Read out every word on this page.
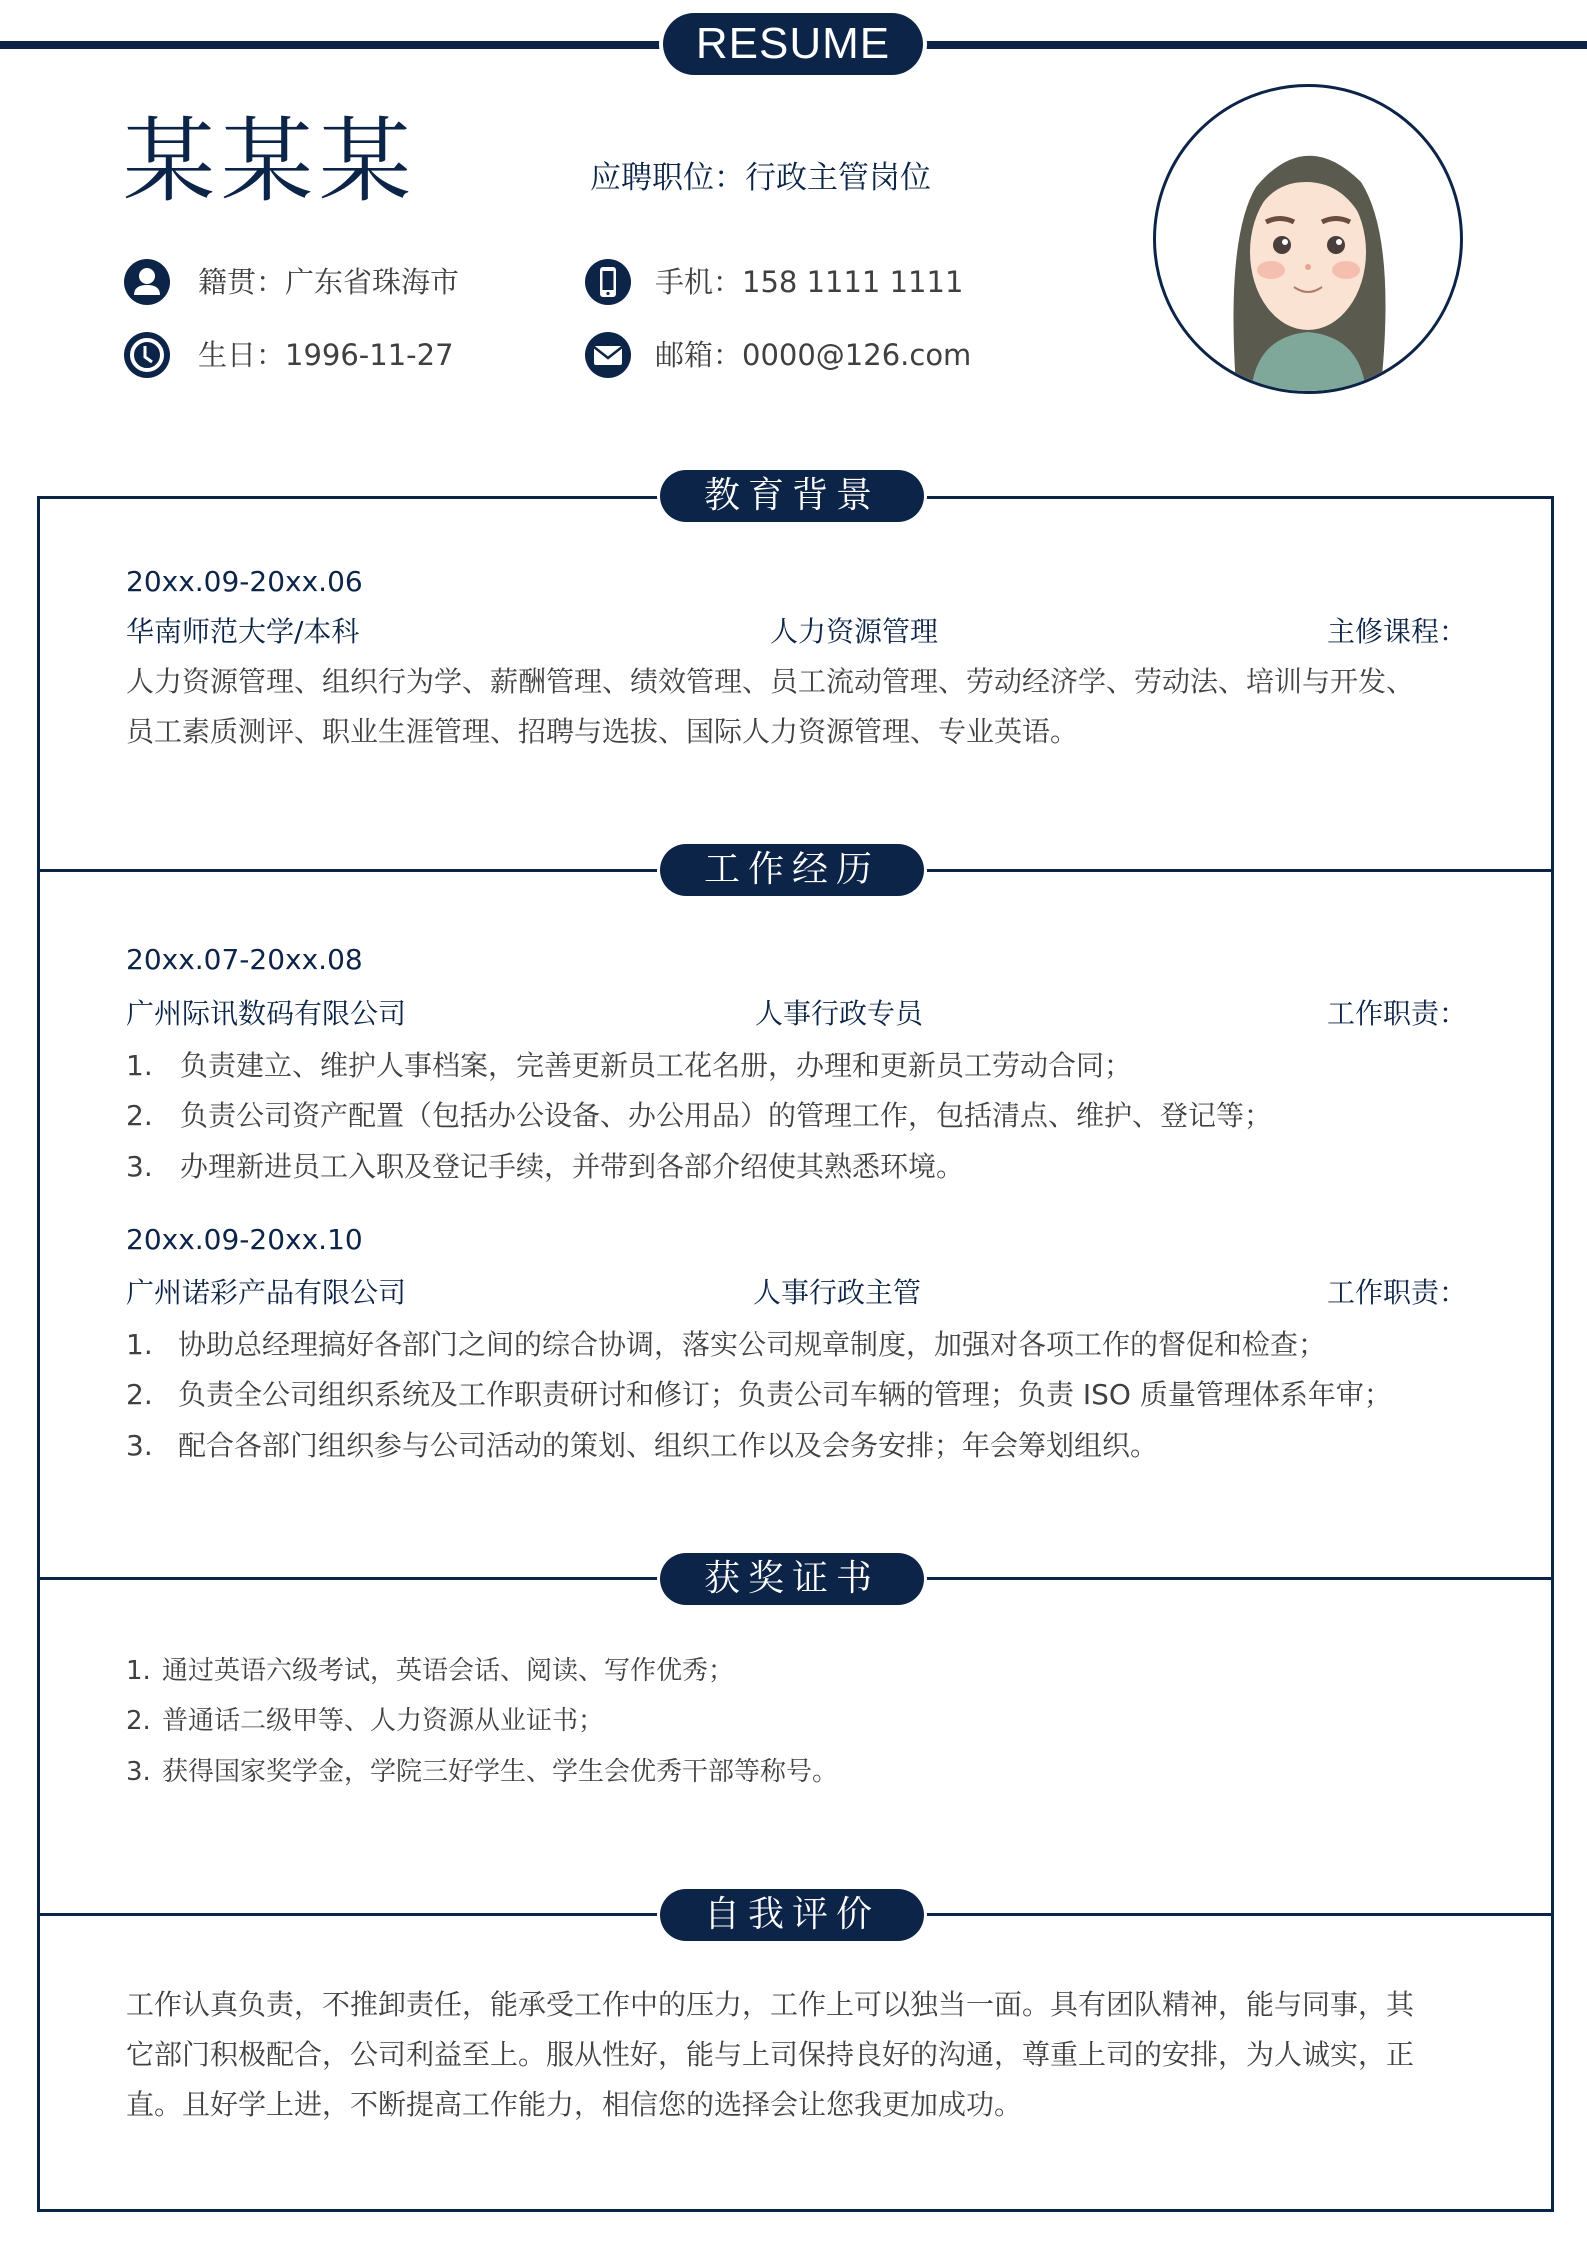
RESUME
某某某	应聘职位：行政主管岗位
籍贯：广东省珠海市	手机：158 1111 1111
生日：1996-11-27	邮箱：0000@126.com
教育背景
20xx.09-20xx.06
华南师范大学/本科	人力资源管理	主修课程：
人力资源管理、组织行为学、薪酬管理、绩效管理、员工流动管理、劳动经济学、劳动法、培训与开发、
员工素质测评、职业生涯管理、招聘与选拔、国际人力资源管理、专业英语。
工作经历
20xx.07-20xx.08
广州际讯数码有限公司	人事行政专员	工作职责：
1. 负责建立、维护人事档案，完善更新员工花名册，办理和更新员工劳动合同；
2. 负责公司资产配置（包括办公设备、办公用品）的管理工作，包括清点、维护、登记等；
3. 办理新进员工入职及登记手续，并带到各部介绍使其熟悉环境。
20xx.09-20xx.10
广州诺彩产品有限公司	人事行政主管	工作职责：
1. 协助总经理搞好各部门之间的综合协调，落实公司规章制度，加强对各项工作的督促和检查；
2. 负责全公司组织系统及工作职责研讨和修订；负责公司车辆的管理；负责 ISO 质量管理体系年审；
3. 配合各部门组织参与公司活动的策划、组织工作以及会务安排；年会筹划组织。
获奖证书
1. 通过英语六级考试，英语会话、阅读、写作优秀；
2. 普通话二级甲等、人力资源从业证书；
3. 获得国家奖学金，学院三好学生、学生会优秀干部等称号。
自我评价
工作认真负责，不推卸责任，能承受工作中的压力，工作上可以独当一面。具有团队精神，能与同事，其
它部门积极配合，公司利益至上。服从性好，能与上司保持良好的沟通，尊重上司的安排，为人诚实，正
直。且好学上进，不断提高工作能力，相信您的选择会让您我更加成功。
